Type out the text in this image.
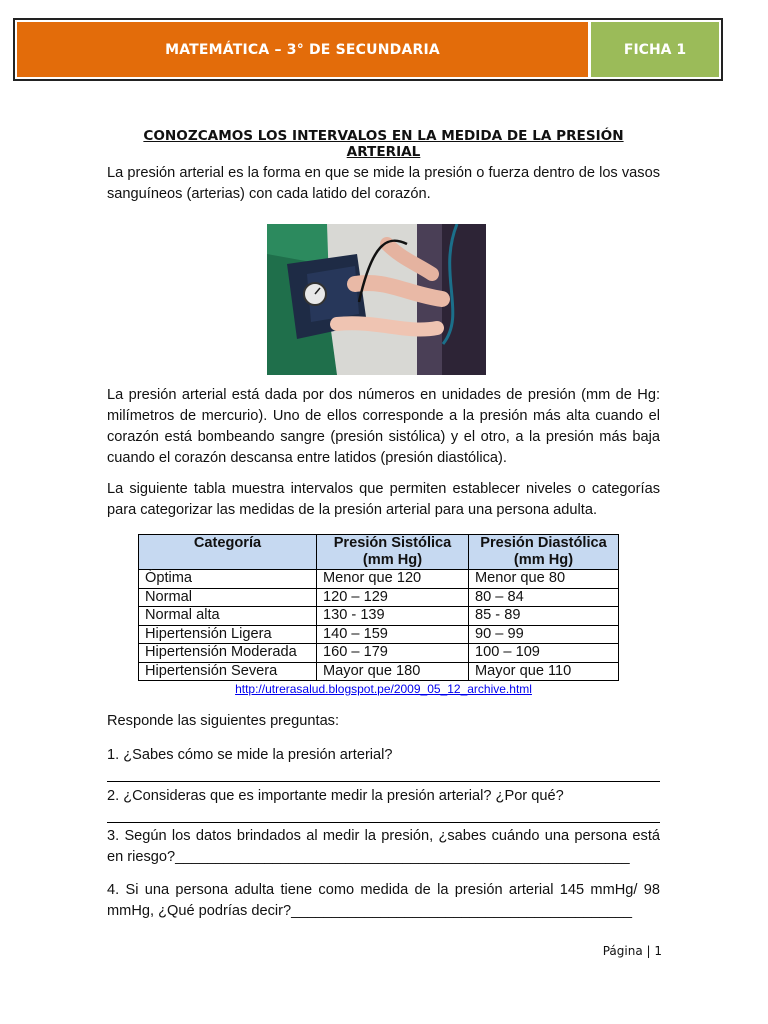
MATEMÁTICA – 3° DE SECUNDARIA	FICHA 1
CONOZCAMOS LOS INTERVALOS EN LA MEDIDA DE LA PRESIÓN ARTERIAL

La presión arterial es la forma en que se mide la presión o fuerza dentro de los vasos sanguíneos (arterias) con cada latido del corazón.

La presión arterial está dada por dos números en unidades de presión (mm de Hg: milímetros de mercurio). Uno de ellos corresponde a la presión más alta cuando el corazón está bombeando sangre (presión sistólica) y el otro, a la presión más baja cuando el corazón descansa entre latidos (presión diastólica).

La siguiente tabla muestra intervalos que permiten establecer niveles o categorías para categorizar las medidas de la presión arterial para una persona adulta.

Categoría	Presión Sistólica (mm Hg)	Presión Diastólica (mm Hg)
Óptima	Menor que 120	Menor que 80
Normal	120 – 129	80 – 84
Normal alta	130 - 139	85 - 89
Hipertensión Ligera	140 – 159	90 – 99
Hipertensión Moderada	160 – 179	100 – 109
Hipertensión Severa	Mayor que 180	Mayor que 110
http://utrerasalud.blogspot.pe/2009_05_12_archive.html

Responde las siguientes preguntas:

1. ¿Sabes cómo se mide la presión arterial?

2. ¿Consideras que es importante medir la presión arterial? ¿Por qué?

3. Según los datos brindados al medir la presión, ¿sabes cuándo una persona está en riesgo?________________________________________________________

4. Si una persona adulta tiene como medida de la presión arterial 145 mmHg/ 98 mmHg, ¿Qué podrías decir?__________________________________________

Página | 1
